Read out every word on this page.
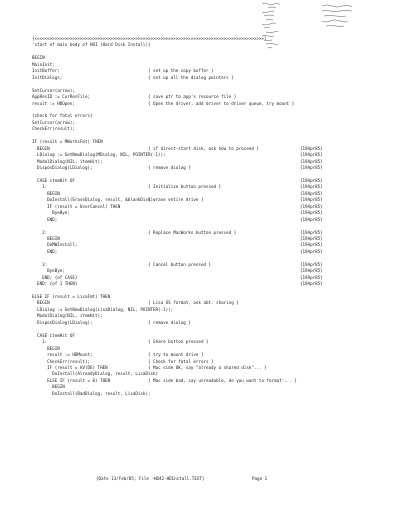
{<<<<<<>>>>>>>>>>>>>>>>>>>>>>>>>>>>>>>>>>>>>>>>>>>>>>>>>>>>>>>>>>>>>>>>>>>>>>>>>>>>>>>>>>>>>}
'start of main body of HDI (Hard Disk Install)}
BEGIN
MainInit;
InitBuffer;	{ set up the copy buffer }
InitDialogs;	{ set up all the dialog pointers }
SetCursor(arrow);
AppResID := CurResFile;	{ save ptr to app's resource file }
result := HDOpen;	{ Open the driver, add driver to driver queue, try mount }
{check for fatal errors}
SetCursor(arrow);
CheckErr(result);
IF (result = MWorksFmt) THEN
BEGIN	{ if direct-start disk, ask how to proceed }	{19Apr85}
LDialog := GetNewDialog(MDialog, NIL, POINTER(-1));	{19Apr85}
ModalDialog(NIL, itemHit);	{19Apr85}
DisposDialog(LDialog);	{ remove dialog }	{19Apr85}
CASE itemHit OF	{19Apr85}
1:	{ Initialize button pressed }	{19Apr85}
BEGIN	{19Apr85}
DoInstall(EraseDialog, result, &blankDisk);
{ erase entire drive }	{19Apr85}
IF (result = UserCancel) THEN	{19Apr85}
ByeBye;	{19Apr85}
END;	{19Apr85}
2:	{ Replace MacWorks button pressed }	{19Apr85}
BEGIN	{19Apr85}
DoMWInstall;	{19Apr85}
END;	{19Apr85}
3:	{ Cancel button pressed }	{19Apr85}
ByeBye;	{19Apr85}
END; {of CASE}	{19Apr85}
END; {of 1 THEN}	{19Apr85}
ELSE IF (result = LisaFmt) THEN
BEGIN	{ Lisa OS format, ask abt. sharing }
LDialog := GetNewDialog(LisaDialog, NIL, POINTER(-1));
ModalDialog(NIL, itemHit);
DisposDialog(LDialog);	{ remove dialog }
CASE itemHit OF
1:	{ Share button pressed }
BEGIN
result := HDMount;	{ try to mount drive }
CheckErr(result);	{ Check for fatal errors }
IF (result = AV(DE) THEN	{ Mac side OK, say "already a shared disk"... }
DoInstall(AlreadyDialog, result, LisaDisk)
ELSE IF (result = 0) THEN	{ Mac side bad, say unreadable, do you want to format'... }
BEGIN
DoInstall(BadDialog, result, LisaDisk);
{Date 13/Feb/85; File -HD42-HDInstall.TEXT}	Page 1
